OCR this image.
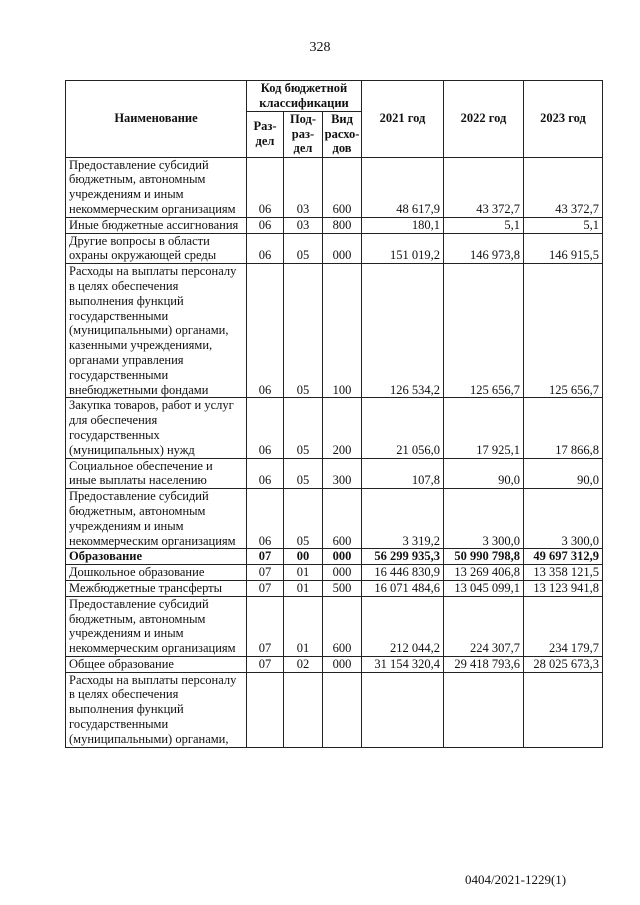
328
Наименование	Код бюджетной классификации			2021 год	2022 год	2023 год
	Раз-дел	Под-раз-дел	Вид расхо-дов			
Предоставление субсидий бюджетным, автономным учреждениям и иным некоммерческим организациям	06	03	600	48 617,9	43 372,7	43 372,7
Иные бюджетные ассигнования	06	03	800	180,1	5,1	5,1
Другие вопросы в области охраны окружающей среды	06	05	000	151 019,2	146 973,8	146 915,5
Расходы на выплаты персоналу в целях обеспечения выполнения функций государственными (муниципальными) органами, казенными учреждениями, органами управления государственными внебюджетными фондами	06	05	100	126 534,2	125 656,7	125 656,7
Закупка товаров, работ и услуг для обеспечения государственных (муниципальных) нужд	06	05	200	21 056,0	17 925,1	17 866,8
Социальное обеспечение и иные выплаты населению	06	05	300	107,8	90,0	90,0
Предоставление субсидий бюджетным, автономным учреждениям и иным некоммерческим организациям	06	05	600	3 319,2	3 300,0	3 300,0
Образование	07	00	000	56 299 935,3	50 990 798,8	49 697 312,9
Дошкольное образование	07	01	000	16 446 830,9	13 269 406,8	13 358 121,5
Межбюджетные трансферты	07	01	500	16 071 484,6	13 045 099,1	13 123 941,8
Предоставление субсидий бюджетным, автономным учреждениям и иным некоммерческим организациям	07	01	600	212 044,2	224 307,7	234 179,7
Общее образование	07	02	000	31 154 320,4	29 418 793,6	28 025 673,3
Расходы на выплаты персоналу в целях обеспечения выполнения функций государственными (муниципальными) органами,						
0404/2021-1229(1)
